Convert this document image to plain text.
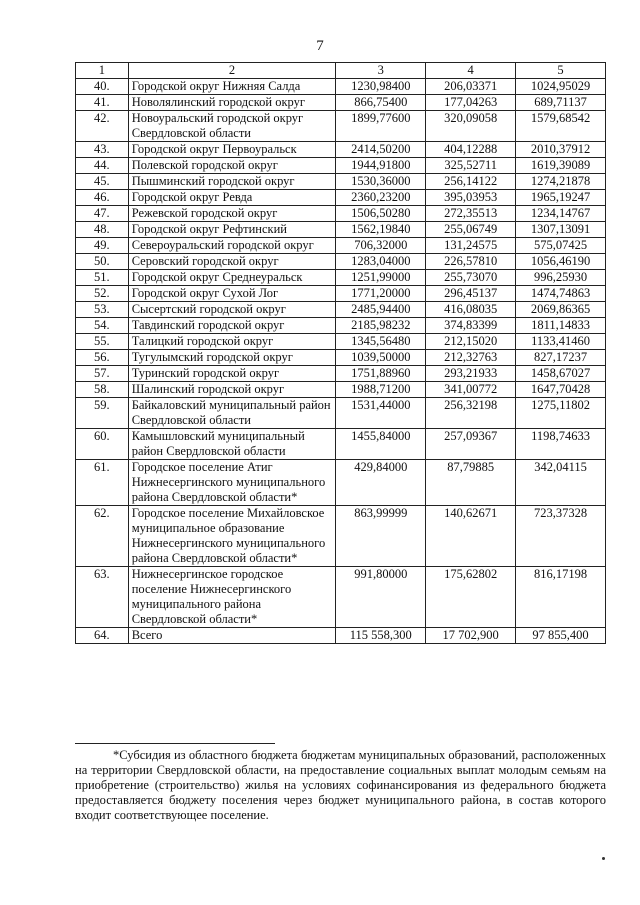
7
1	2	3	4	5
40.	Городской округ Нижняя Салда	1230,98400	206,03371	1024,95029
41.	Новолялинский городской округ	866,75400	177,04263	689,71137
42.	Новоуральский городской округ Свердловской области	1899,77600	320,09058	1579,68542
43.	Городской округ Первоуральск	2414,50200	404,12288	2010,37912
44.	Полевской городской округ	1944,91800	325,52711	1619,39089
45.	Пышминский городской округ	1530,36000	256,14122	1274,21878
46.	Городской округ Ревда	2360,23200	395,03953	1965,19247
47.	Режевской городской округ	1506,50280	272,35513	1234,14767
48.	Городской округ Рефтинский	1562,19840	255,06749	1307,13091
49.	Североуральский городской округ	706,32000	131,24575	575,07425
50.	Серовский городской округ	1283,04000	226,57810	1056,46190
51.	Городской округ Среднеуральск	1251,99000	255,73070	996,25930
52.	Городской округ Сухой Лог	1771,20000	296,45137	1474,74863
53.	Сысертский городской округ	2485,94400	416,08035	2069,86365
54.	Тавдинский городской округ	2185,98232	374,83399	1811,14833
55.	Талицкий городской округ	1345,56480	212,15020	1133,41460
56.	Тугулымский городской округ	1039,50000	212,32763	827,17237
57.	Туринский городской округ	1751,88960	293,21933	1458,67027
58.	Шалинский городской округ	1988,71200	341,00772	1647,70428
59.	Байкаловский муниципальный район Свердловской области	1531,44000	256,32198	1275,11802
60.	Камышловский муниципальный район Свердловской области	1455,84000	257,09367	1198,74633
61.	Городское поселение Атиг Нижнесергинского муниципального района Свердловской области*	429,84000	87,79885	342,04115
62.	Городское поселение Михайловское муниципальное образование Нижнесергинского муниципального района Свердловской области*	863,99999	140,62671	723,37328
63.	Нижнесергинское городское поселение Нижнесергинского муниципального района Свердловской области*	991,80000	175,62802	816,17198
64.	Всего	115 558,300	17 702,900	97 855,400
*Субсидия из областного бюджета бюджетам муниципальных образований, расположенных на территории Свердловской области, на предоставление социальных выплат молодым семьям на приобретение (строительство) жилья на условиях софинансирования из федерального бюджета предоставляется бюджету поселения через бюджет муниципального района, в состав которого входит соответствующее поселение.
